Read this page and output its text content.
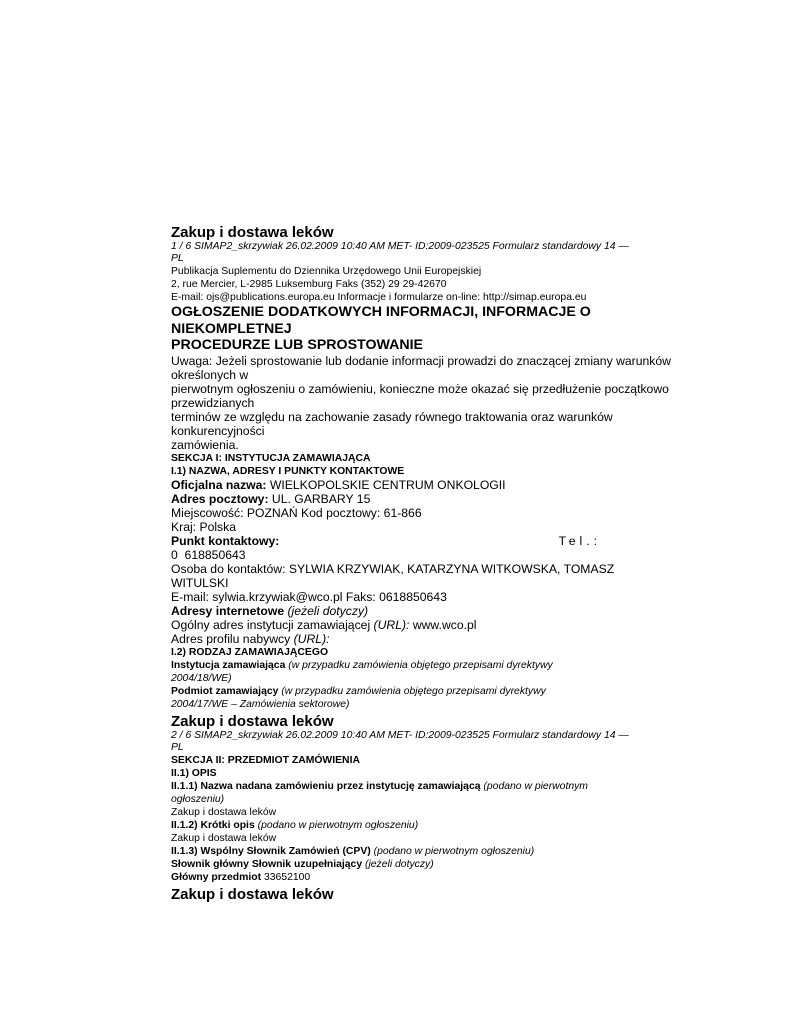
Zakup i dostawa leków
1 / 6 SIMAP2_skrzywiak 26.02.2009 10:40 AM MET- ID:2009-023525 Formularz standardowy 14 —
PL
Publikacja Suplementu do Dziennika Urzędowego Unii Europejskiej
2, rue Mercier, L-2985 Luksemburg Faks (352) 29 29-42670
E-mail: ojs@publications.europa.eu Informacje i formularze on-line: http://simap.europa.eu
OGŁOSZENIE DODATKOWYCH INFORMACJI, INFORMACJE O
NIEKOMPLETNEJ
PROCEDURZE LUB SPROSTOWANIE
Uwaga: Jeżeli sprostowanie lub dodanie informacji prowadzi do znaczącej zmiany warunków
określonych w
pierwotnym ogłoszeniu o zamówieniu, konieczne może okazać się przedłużenie początkowo
przewidzianych
terminów ze względu na zachowanie zasady równego traktowania oraz warunków
konkurencyjności
zamówienia.
SEKCJA I: INSTYTUCJA ZAMAWIAJĄCA
I.1) NAZWA, ADRESY I PUNKTY KONTAKTOWE
Oficjalna nazwa: WIELKOPOLSKIE CENTRUM ONKOLOGII
Adres pocztowy: UL. GARBARY 15
Miejscowość: POZNAŃ Kod pocztowy: 61-866
Kraj: Polska
Punkt kontaktowy:	Tel.:
0  618850643
Osoba do kontaktów: SYLWIA KRZYWIAK, KATARZYNA WITKOWSKA, TOMASZ
WITULSKI
E-mail: sylwia.krzywiak@wco.pl Faks: 0618850643
Adresy internetowe (jeżeli dotyczy)
Ogólny adres instytucji zamawiającej (URL): www.wco.pl
Adres profilu nabywcy (URL):
I.2) RODZAJ ZAMAWIAJĄCEGO
Instytucja zamawiająca (w przypadku zamówienia objętego przepisami dyrektywy
2004/18/WE)
Podmiot zamawiający (w przypadku zamówienia objętego przepisami dyrektywy
2004/17/WE – Zamówienia sektorowe)
Zakup i dostawa leków
2 / 6 SIMAP2_skrzywiak 26.02.2009 10:40 AM MET- ID:2009-023525 Formularz standardowy 14 —
PL
SEKCJA II: PRZEDMIOT ZAMÓWIENIA
II.1) OPIS
II.1.1) Nazwa nadana zamówieniu przez instytucję zamawiającą (podano w pierwotnym
ogłoszeniu)
Zakup i dostawa leków
II.1.2) Krótki opis (podano w pierwotnym ogłoszeniu)
Zakup i dostawa leków
II.1.3) Wspólny Słownik Zamówień (CPV) (podano w pierwotnym ogłoszeniu)
Słownik główny Słownik uzupełniający (jeżeli dotyczy)
Główny przedmiot 33652100
Zakup i dostawa leków
